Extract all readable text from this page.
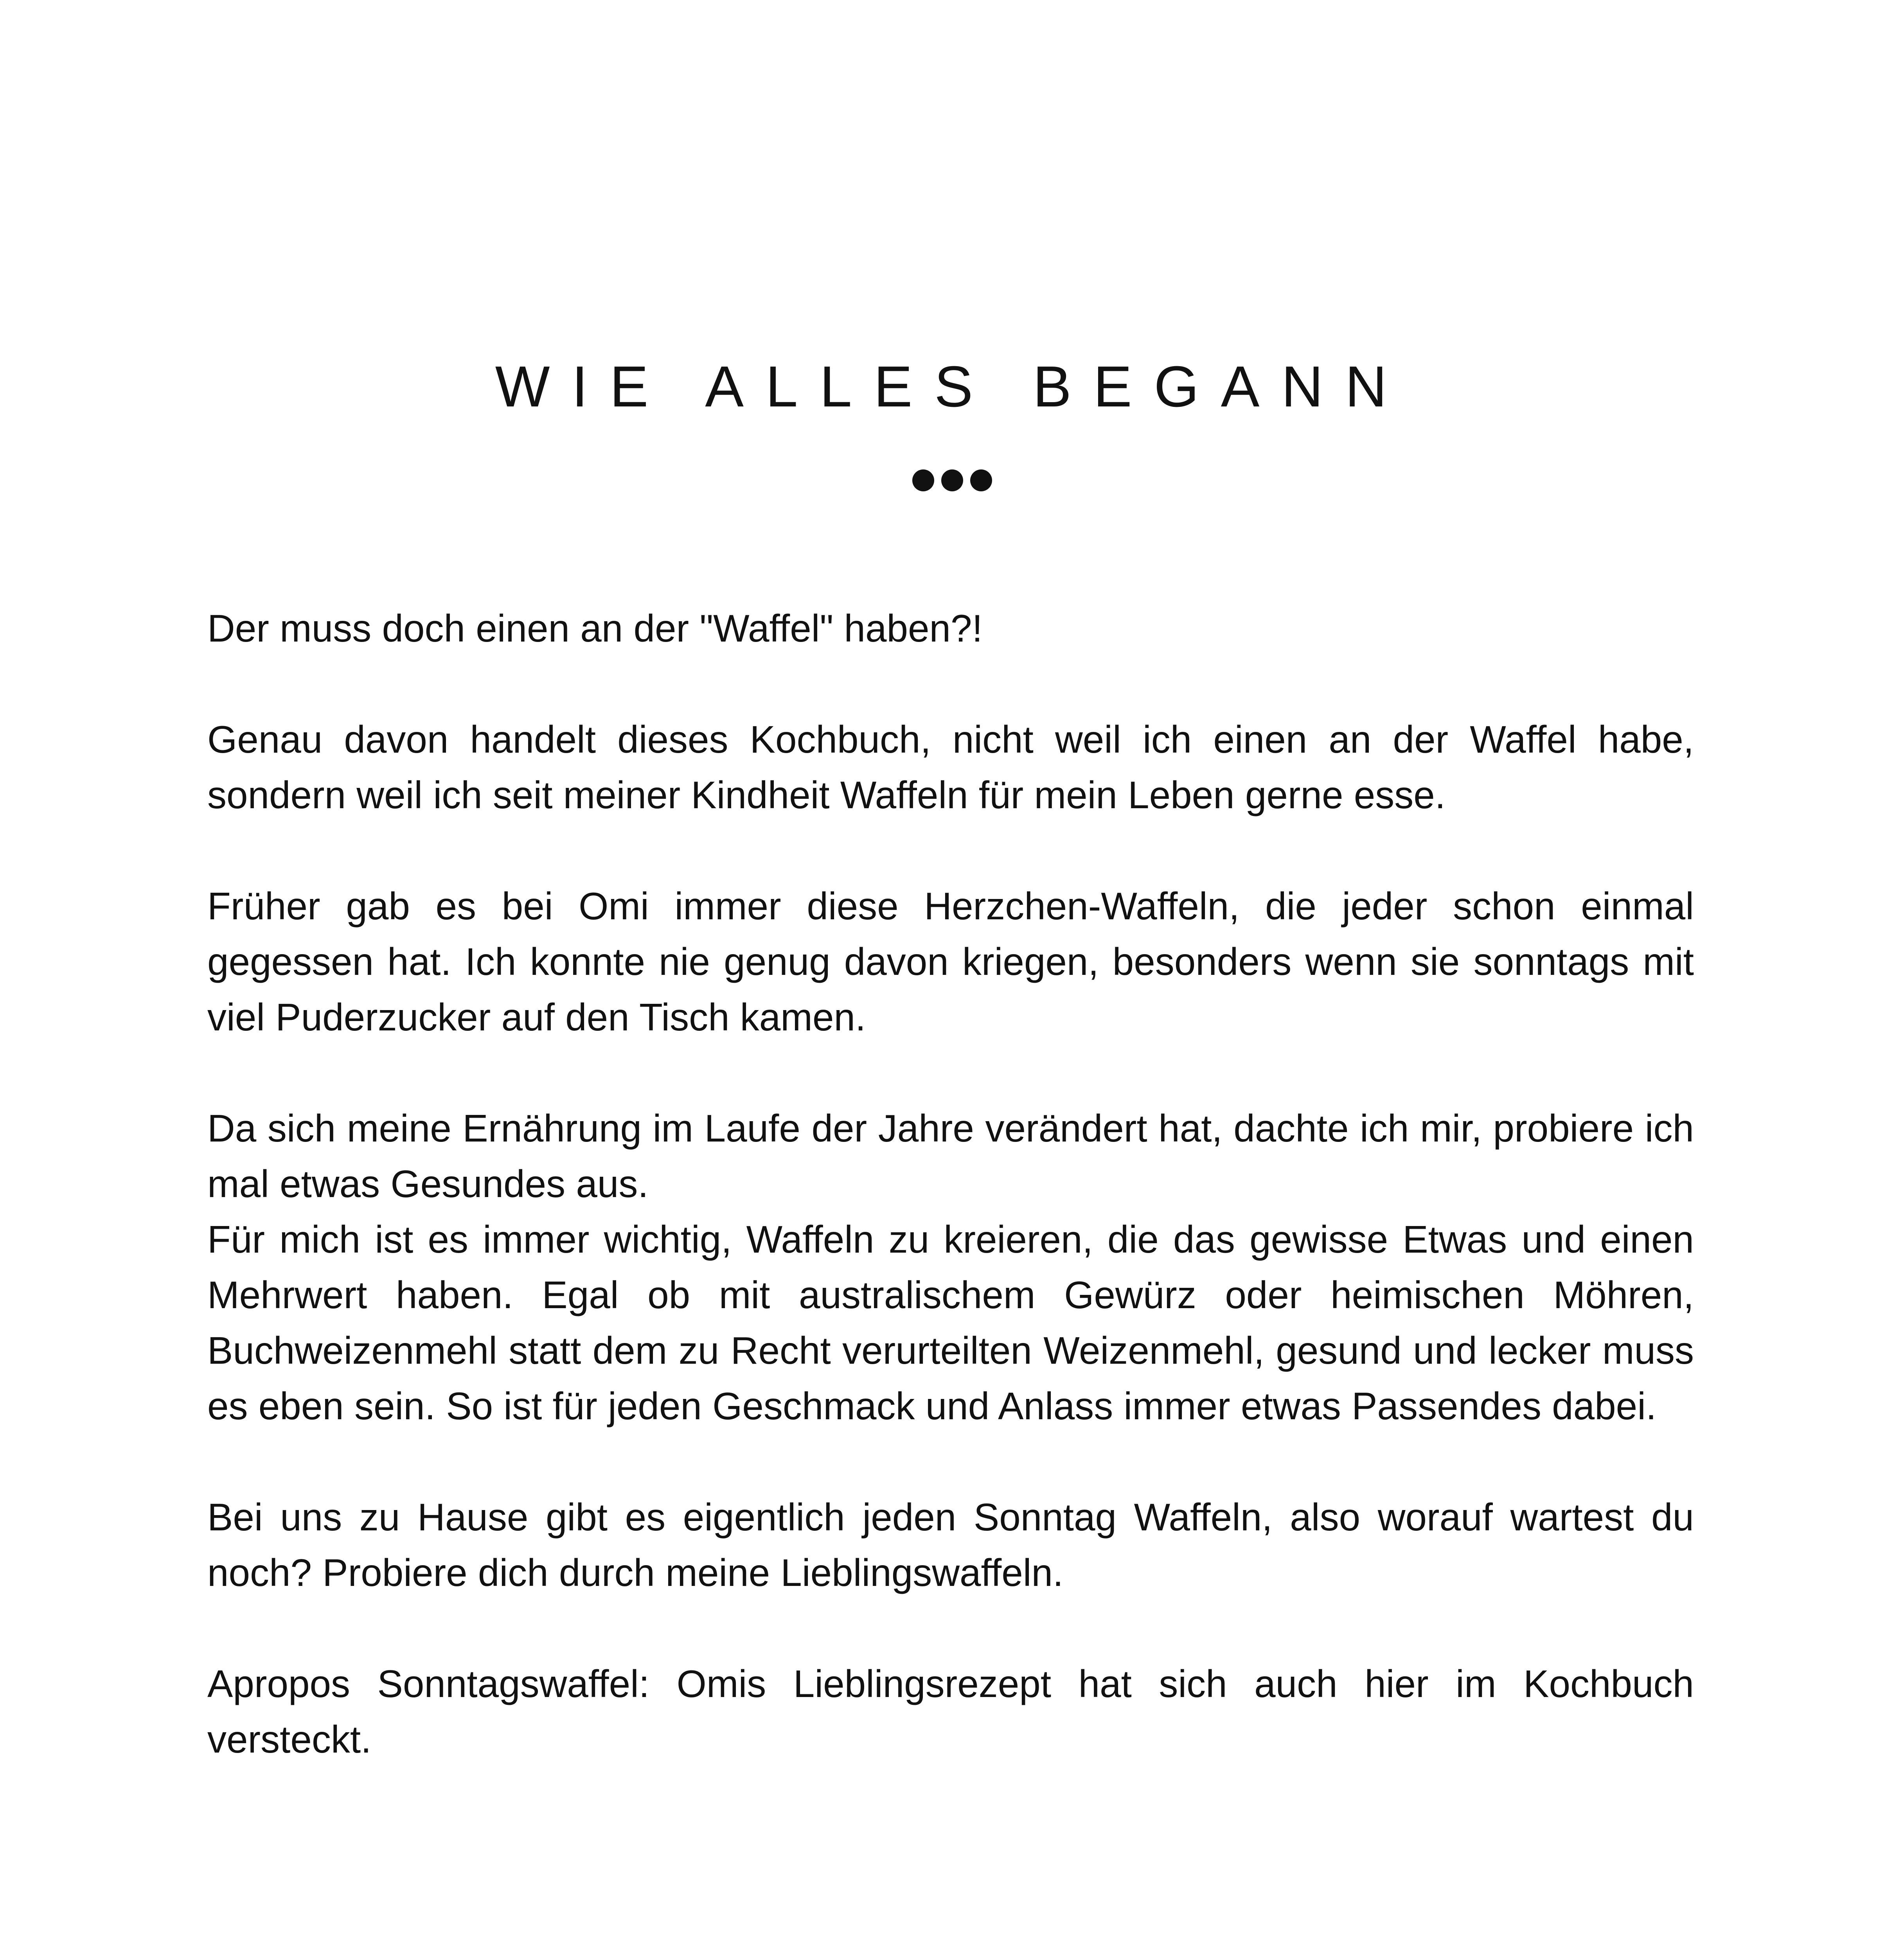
WIE ALLES BEGANN

Der muss doch einen an der "Waffel" haben?!

Genau davon handelt dieses Kochbuch, nicht weil ich einen an der Waffel habe, sondern weil ich seit meiner Kindheit Waffeln für mein Leben gerne esse.

Früher gab es bei Omi immer diese Herzchen-Waffeln, die jeder schon einmal gegessen hat. Ich konnte nie genug davon kriegen, besonders wenn sie sonntags mit viel Puderzucker auf den Tisch kamen.

Da sich meine Ernährung im Laufe der Jahre verändert hat, dachte ich mir, probiere ich mal etwas Gesundes aus.

Für mich ist es immer wichtig, Waffeln zu kreieren, die das gewisse Etwas und einen Mehrwert haben. Egal ob mit australischem Gewürz oder heimischen Möhren, Buchweizenmehl statt dem zu Recht verurteilten Weizenmehl, gesund und lecker muss es eben sein. So ist für jeden Geschmack und Anlass immer etwas Passendes dabei.

Bei uns zu Hause gibt es eigentlich jeden Sonntag Waffeln, also worauf wartest du noch? Probiere dich durch meine Lieblingswaffeln.

Apropos Sonntagswaffel: Omis Lieblingsrezept hat sich auch hier im Kochbuch versteckt.
